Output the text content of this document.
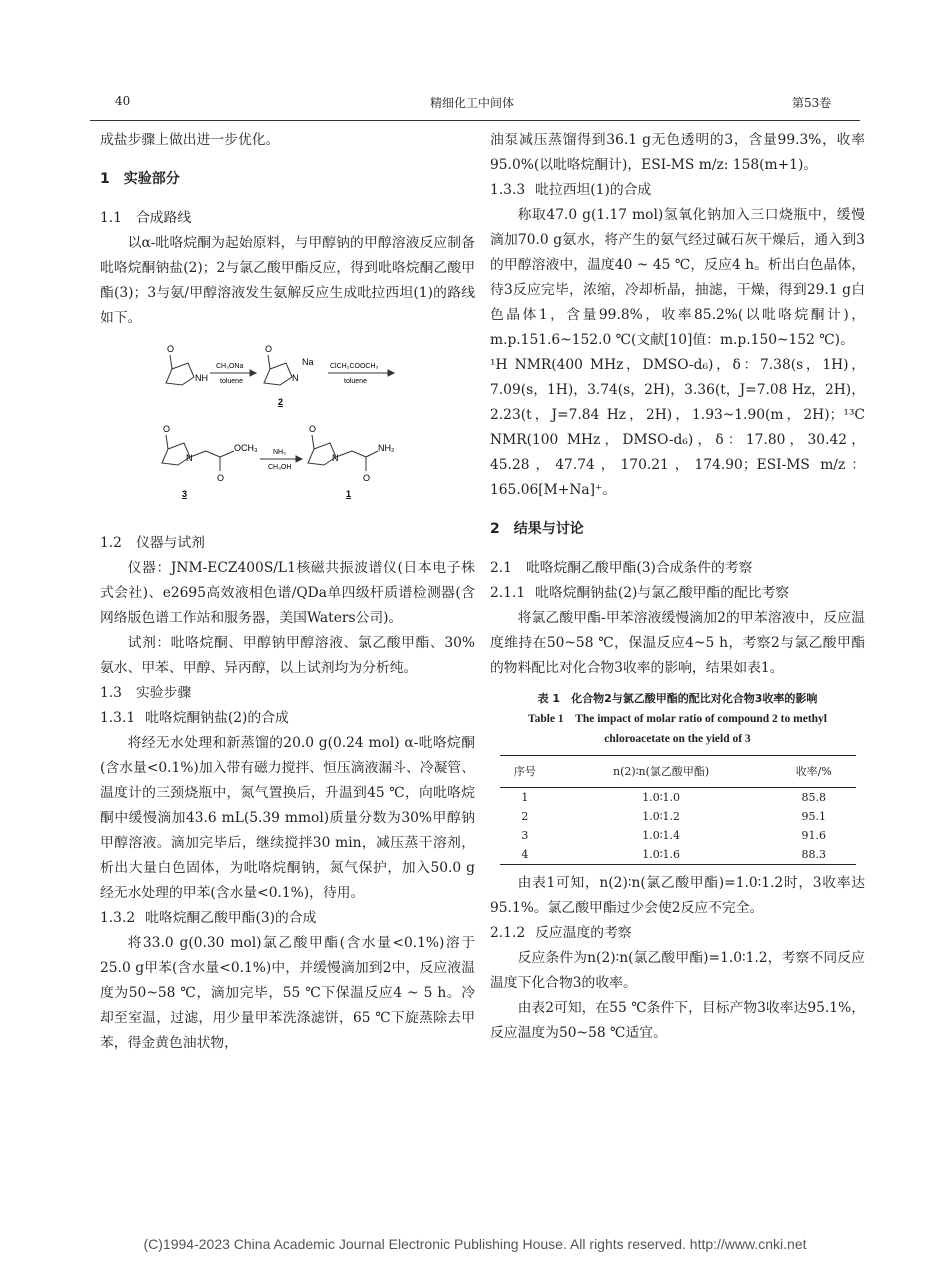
40	精细化工中间体	第53卷

成盐步骤上做出进一步优化。

1 实验部分
1.1 合成路线

以α-吡咯烷酮为起始原料，与甲醇钠的甲醇溶液反应制备吡咯烷酮钠盐(2)；2与氯乙酸甲酯反应，得到吡咯烷酮乙酸甲酯(3)；3与氨/甲醇溶液发生氨解反应生成吡拉西坦(1)的路线如下。

O
NH
CH₃ONa
toluene
O
N
Na
2
ClCH₂COOCH₃
toluene
O
N
O
OCH₃
3
NH₃
CH₃OH
O
N
O
NH₂
1
1.2 仪器与试剂

仪器：JNM-ECZ400S/L1核磁共振波谱仪(日本电子株式会社)、e2695高效液相色谱/QDa单四级杆质谱检测器(含网络版色谱工作站和服务器，美国Waters公司)。

试剂：吡咯烷酮、甲醇钠甲醇溶液、氯乙酸甲酯、30%氨水、甲苯、甲醇、异丙醇，以上试剂均为分析纯。

1.3 实验步骤
1.3.1 吡咯烷酮钠盐(2)的合成

将经无水处理和新蒸馏的20.0 g(0.24 mol) α-吡咯烷酮(含水量<0.1%)加入带有磁力搅拌、恒压滴液漏斗、冷凝管、温度计的三颈烧瓶中，氮气置换后，升温到45 ℃，向吡咯烷酮中缓慢滴加43.6 mL(5.39 mmol)质量分数为30%甲醇钠甲醇溶液。滴加完毕后，继续搅拌30 min，减压蒸干溶剂，析出大量白色固体，为吡咯烷酮钠，氮气保护，加入50.0 g经无水处理的甲苯(含水量<0.1%)，待用。

1.3.2 吡咯烷酮乙酸甲酯(3)的合成

将33.0 g(0.30 mol)氯乙酸甲酯(含水量<0.1%)溶于25.0 g甲苯(含水量<0.1%)中，并缓慢滴加到2中，反应液温度为50~58 ℃，滴加完毕，55 ℃下保温反应4 ~ 5 h。冷却至室温，过滤，用少量甲苯洗涤滤饼，65 ℃下旋蒸除去甲苯，得金黄色油状物，

油泵减压蒸馏得到36.1 g无色透明的3，含量99.3%，收率95.0%(以吡咯烷酮计)，ESI-MS m/z: 158(m+1)。

1.3.3 吡拉西坦(1)的合成

称取47.0 g(1.17 mol)氢氧化钠加入三口烧瓶中，缓慢滴加70.0 g氨水，将产生的氨气经过碱石灰干燥后，通入到3的甲醇溶液中，温度40 ~ 45 ℃，反应4 h。析出白色晶体，待3反应完毕，浓缩，冷却析晶，抽滤，干燥，得到29.1 g白色晶体1，含量99.8%，收率85.2%(以吡咯烷酮计)，m.p.151.6~152.0 ℃(文献[10]值：m.p.150~152 ℃)。

¹H NMR(400 MHz，DMSO-d₆)，δ：7.38(s，1H)，7.09(s，1H)，3.74(s，2H)，3.36(t，J=7.08 Hz，2H)，2.23(t，J=7.84 Hz，2H)，1.93~1.90(m，2H)；¹³C NMR(100 MHz，DMSO-d₆)，δ：17.80，30.42，45.28，47.74，170.21，174.90；ESI-MS m/z：165.06[M+Na]⁺。

2 结果与讨论
2.1 吡咯烷酮乙酸甲酯(3)合成条件的考察
2.1.1 吡咯烷酮钠盐(2)与氯乙酸甲酯的配比考察

将氯乙酸甲酯-甲苯溶液缓慢滴加2的甲苯溶液中，反应温度维持在50~58 ℃，保温反应4~5 h，考察2与氯乙酸甲酯的物料配比对化合物3收率的影响，结果如表1。

表 1　化合物2与氯乙酸甲酯的配比对化合物3收率的影响
Table 1　The impact of molar ratio of compound 2 to methyl
chloroacetate on the yield of 3
序号	n(2)∶n(氯乙酸甲酯)	收率/%
1	1.0∶1.0	85.8
2	1.0∶1.2	95.1
3	1.0∶1.4	91.6
4	1.0∶1.6	88.3

由表1可知，n(2)∶n(氯乙酸甲酯)=1.0∶1.2时，3收率达95.1%。氯乙酸甲酯过少会使2反应不完全。

2.1.2 反应温度的考察

反应条件为n(2)∶n(氯乙酸甲酯)=1.0∶1.2，考察不同反应温度下化合物3的收率。

由表2可知，在55 ℃条件下，目标产物3收率达95.1%，反应温度为50~58 ℃适宜。

(C)1994-2023 China Academic Journal Electronic Publishing House. All rights reserved. http://www.cnki.net
